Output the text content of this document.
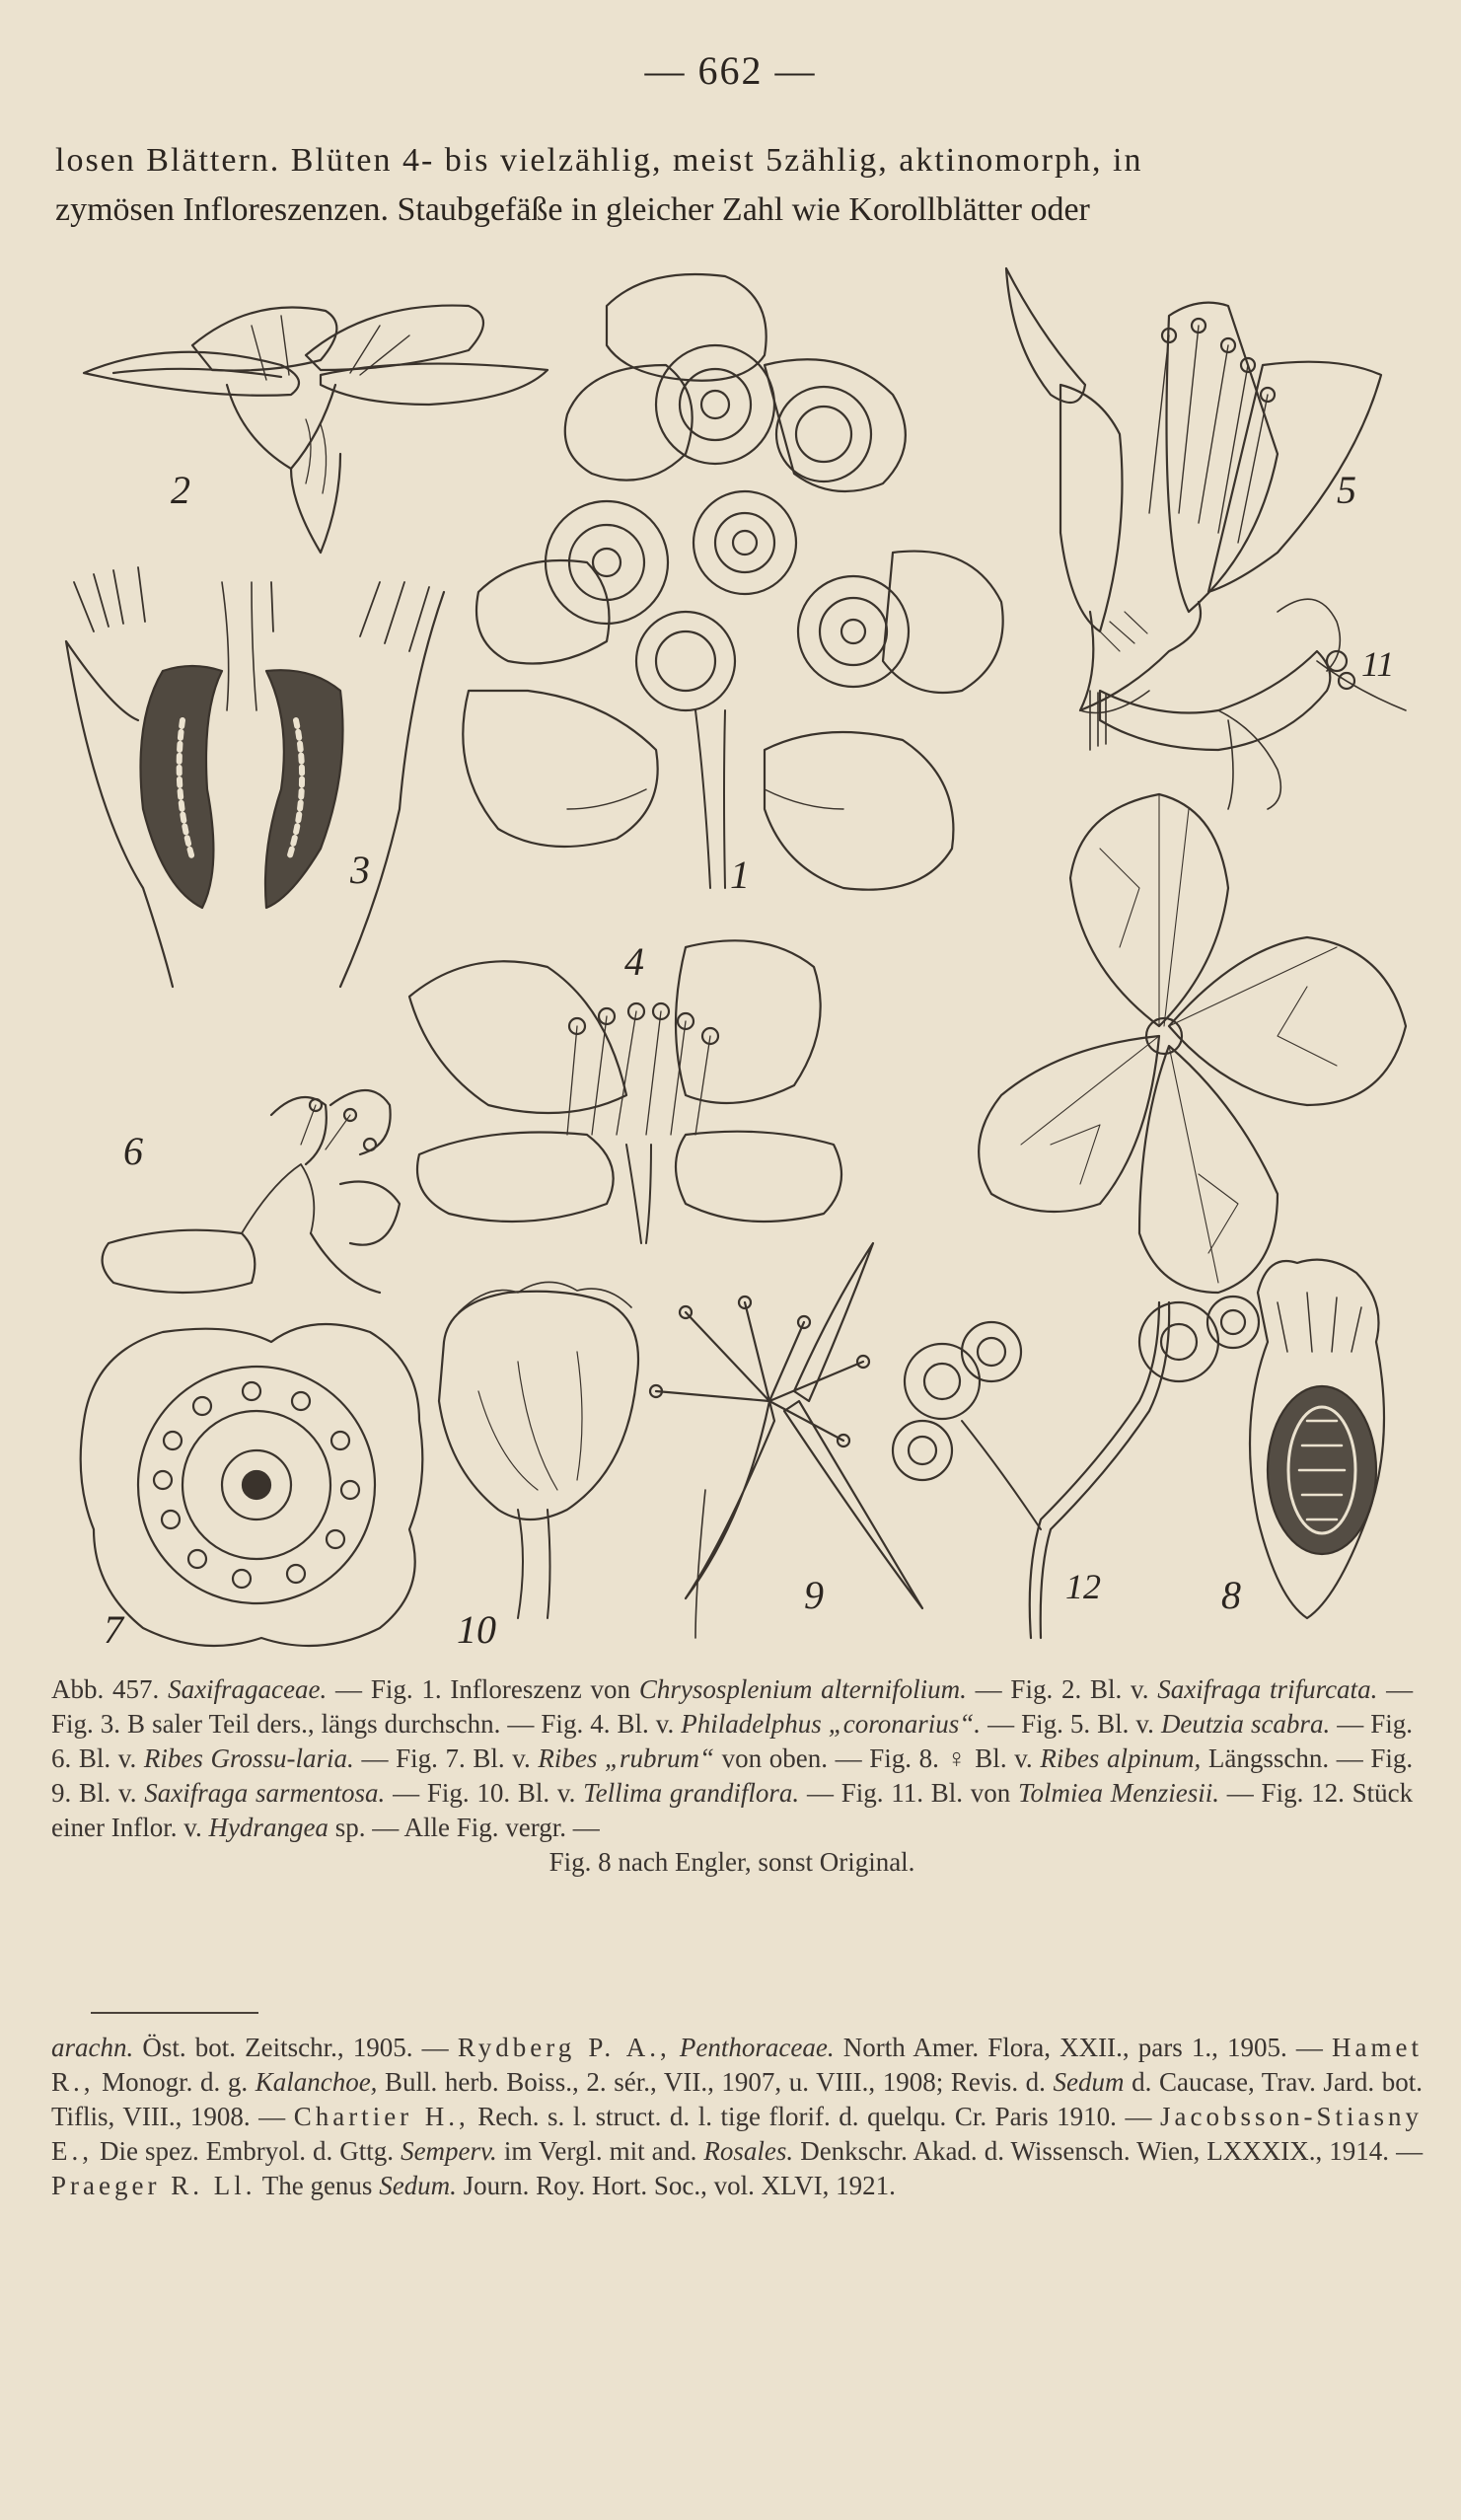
— 662 —
losen Blättern. Blüten 4- bis vielzählig, meist 5zählig, aktinomorph, in
zymösen Infloreszenzen. Staubgefäße in gleicher Zahl wie Korollblätter oder
2
3	1
5
11
4
6
7	10
9	12	8

Abb. 457. Saxifragaceae. — Fig. 1. Infloreszenz von Chrysosplenium alternifolium. — Fig. 2. Bl. v. Saxifraga trifurcata. — Fig. 3. B saler Teil ders., längs durchschn. — Fig. 4. Bl. v. Philadelphus „coronarius“. — Fig. 5. Bl. v. Deutzia scabra. — Fig. 6. Bl. v. Ribes Grossu-laria. — Fig. 7. Bl. v. Ribes „rubrum“ von oben. — Fig. 8. ♀ Bl. v. Ribes alpinum, Längsschn. — Fig. 9. Bl. v. Saxifraga sarmentosa. — Fig. 10. Bl. v. Tellima grandiflora. — Fig. 11. Bl. von Tolmiea Menziesii. — Fig. 12. Stück einer Inflor. v. Hydrangea sp. — Alle Fig. vergr. —

Fig. 8 nach Engler, sonst Original.

arachn. Öst. bot. Zeitschr., 1905. — Rydberg P. A., Penthoraceae. North Amer. Flora, XXII., pars 1., 1905. — Hamet R., Monogr. d. g. Kalanchoe, Bull. herb. Boiss., 2. sér., VII., 1907, u. VIII., 1908; Revis. d. Sedum d. Caucase, Trav. Jard. bot. Tiflis, VIII., 1908. — Chartier H., Rech. s. l. struct. d. l. tige florif. d. quelqu. Cr. Paris 1910. — Jacobsson-Stiasny E., Die spez. Embryol. d. Gttg. Semperv. im Vergl. mit and. Rosales. Denkschr. Akad. d. Wissensch. Wien, LXXXIX., 1914. — Praeger R. Ll. The genus Sedum. Journ. Roy. Hort. Soc., vol. XLVI, 1921.
